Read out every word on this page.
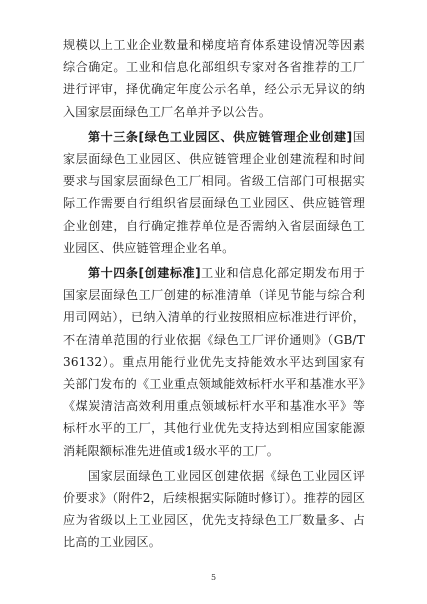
规模以上工业企业数量和梯度培育体系建设情况等因素综合确定。工业和信息化部组织专家对各省推荐的工厂进行评审，择优确定年度公示名单，经公示无异议的纳入国家层面绿色工厂名单并予以公告。

第十三条[绿色工业园区、供应链管理企业创建]国家层面绿色工业园区、供应链管理企业创建流程和时间要求与国家层面绿色工厂相同。省级工信部门可根据实际工作需要自行组织省层面绿色工业园区、供应链管理企业创建，自行确定推荐单位是否需纳入省层面绿色工业园区、供应链管理企业名单。

第十四条[创建标准]工业和信息化部定期发布用于国家层面绿色工厂创建的标准清单（详见节能与综合利用司网站），已纳入清单的行业按照相应标准进行评价，不在清单范围的行业依据《绿色工厂评价通则》（GB/T 36132）。重点用能行业优先支持能效水平达到国家有关部门发布的《工业重点领域能效标杆水平和基准水平》《煤炭清洁高效利用重点领域标杆水平和基准水平》等标杆水平的工厂，其他行业优先支持达到相应国家能源消耗限额标准先进值或1级水平的工厂。

国家层面绿色工业园区创建依据《绿色工业园区评价要求》（附件2，后续根据实际随时修订）。推荐的园区应为省级以上工业园区，优先支持绿色工厂数量多、占比高的工业园区。

5
